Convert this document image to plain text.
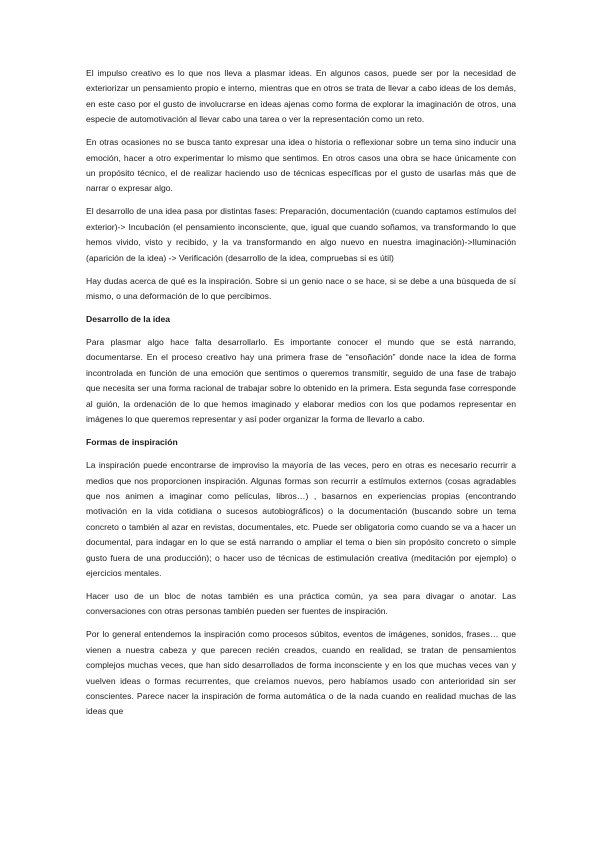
El impulso creativo es lo que nos lleva a plasmar ideas. En algunos casos, puede ser por la necesidad de exteriorizar un pensamiento propio e interno, mientras que en otros se trata de llevar a cabo ideas de los demás, en este caso por el gusto de involucrarse en ideas ajenas como forma de explorar la imaginación de otros, una especie de automotivación al llevar cabo una tarea o ver la representación como un reto.

En otras ocasiones no se busca tanto expresar una idea o historia o reflexionar sobre un tema sino inducir una emoción, hacer a otro experimentar lo mismo que sentimos. En otros casos una obra se hace únicamente con un propósito técnico, el de realizar haciendo uso de técnicas específicas por el gusto de usarlas más que de narrar o expresar algo.

El desarrollo de una idea pasa por distintas fases: Preparación, documentación (cuando captamos estímulos del exterior)-> Incubación (el pensamiento inconsciente, que, igual que cuando soñamos, va transformando lo que hemos vivido, visto y recibido, y la va transformando en algo nuevo en nuestra imaginación)->Iluminación (aparición de la idea) -> Verificación (desarrollo de la idea, compruebas si es útil)

Hay dudas acerca de qué es la inspiración. Sobre si un genio nace o se hace, si se debe a una búsqueda de sí mismo, o una deformación de lo que percibimos.

Desarrollo de la idea

Para plasmar algo hace falta desarrollarlo. Es importante conocer el mundo que se está narrando, documentarse. En el proceso creativo hay una primera frase de “ensoñación” donde nace la idea de forma incontrolada en función de una emoción que sentimos o queremos transmitir, seguido de una fase de trabajo que necesita ser una forma racional de trabajar sobre lo obtenido en la primera. Esta segunda fase corresponde al guión, la ordenación de lo que hemos imaginado y elaborar medios con los que podamos representar en imágenes lo que queremos representar y así poder organizar la forma de llevarlo a cabo.

Formas de inspiración

La inspiración puede encontrarse de improviso la mayoría de las veces, pero en otras es necesario recurrir a medios que nos proporcionen inspiración. Algunas formas son recurrir a estímulos externos (cosas agradables que nos animen a imaginar como películas, libros…) , basarnos en experiencias propias (encontrando motivación en la vida cotidiana o sucesos autobiográficos) o la documentación (buscando sobre un tema concreto o también al azar en revistas, documentales, etc. Puede ser obligatoria como cuando se va a hacer un documental, para indagar en lo que se está narrando o ampliar el tema o bien sin propósito concreto o simple gusto fuera de una producción); o hacer uso de técnicas de estimulación creativa (meditación por ejemplo) o ejercicios mentales.

Hacer uso de un bloc de notas también es una práctica común, ya sea para divagar o anotar. Las conversaciones con otras personas también pueden ser fuentes de inspiración.

Por lo general entendemos la inspiración como procesos súbitos, eventos de imágenes, sonidos, frases… que vienen a nuestra cabeza y que parecen recién creados, cuando en realidad, se tratan de pensamientos complejos muchas veces, que han sido desarrollados de forma inconsciente y en los que muchas veces van y vuelven ideas o formas recurrentes, que creíamos nuevos, pero habíamos usado con anterioridad sin ser conscientes. Parece nacer la inspiración de forma automática o de la nada cuando en realidad muchas de las ideas que
